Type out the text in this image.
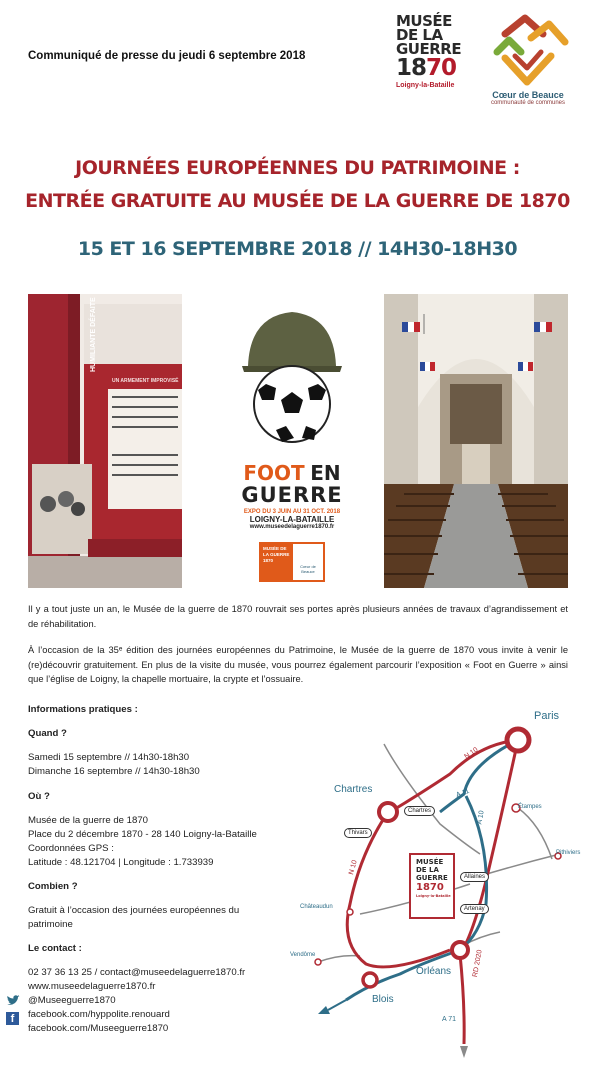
Communiqué de presse du jeudi 6 septembre 2018
MUSÉE
DE LA
GUERRE
1870
Loigny-la-Bataille
Cœur de Beauce
communauté de communes
JOURNÉES EUROPÉENNES DU PATRIMOINE :
ENTRÉE GRATUITE AU MUSÉE DE LA GUERRE DE 1870
15 ET 16 SEPTEMBRE 2018 // 14H30-18H30
HUMILIANTE DÉFAITE
UN ARMEMENT IMPROVISÉ
FOOT EN
GUERRE
EXPO DU 3 JUIN AU 31 OCT. 2018
LOIGNY-LA-BATAILLE
www.museedelaguerre1870.fr
MUSÉE DE LA GUERRE 1870
Cœur de Beauce
Il y a tout juste un an, le Musée de la guerre de 1870 rouvrait ses portes après plusieurs années de travaux d’agrandissement et de réhabilitation.
À l’occasion de la 35ᵉ édition des journées européennes du Patrimoine, le Musée de la guerre de 1870 vous invite à venir le (re)découvrir gratuitement. En plus de la visite du musée, vous pourrez également parcourir l’exposition « Foot en Guerre » ainsi que l’église de Loigny, la chapelle mortuaire, la crypte et l’ossuaire.
Informations pratiques :
Quand ?
Samedi 15 septembre // 14h30-18h30
Dimanche 16 septembre // 14h30-18h30
Où ?
Musée de la guerre de 1870
Place du 2 décembre 1870 - 28 140 Loigny-la-Bataille
Coordonnées GPS :
Latitude : 48.121704 | Longitude : 1.733939
Combien ?
Gratuit à l’occasion des journées européennes du
patrimoine
Le contact :
02 37 36 13 25 / contact@museedelaguerre1870.fr
www.museedelaguerre1870.fr
@Museeguerre1870
f	facebook.com/hyppolite.renouard
facebook.com/Museeguerre1870
Paris
Chartres
Étampes
Pithiviers
Châteaudun
Vendôme
Orléans
Blois
N 10
A 11
A 10
N 10
RD 2020
A 71
Chartres
Thivars
Allaines
Artenay
MUSÉE
DE LA
GUERRE
1870
Loigny-la-Bataille
